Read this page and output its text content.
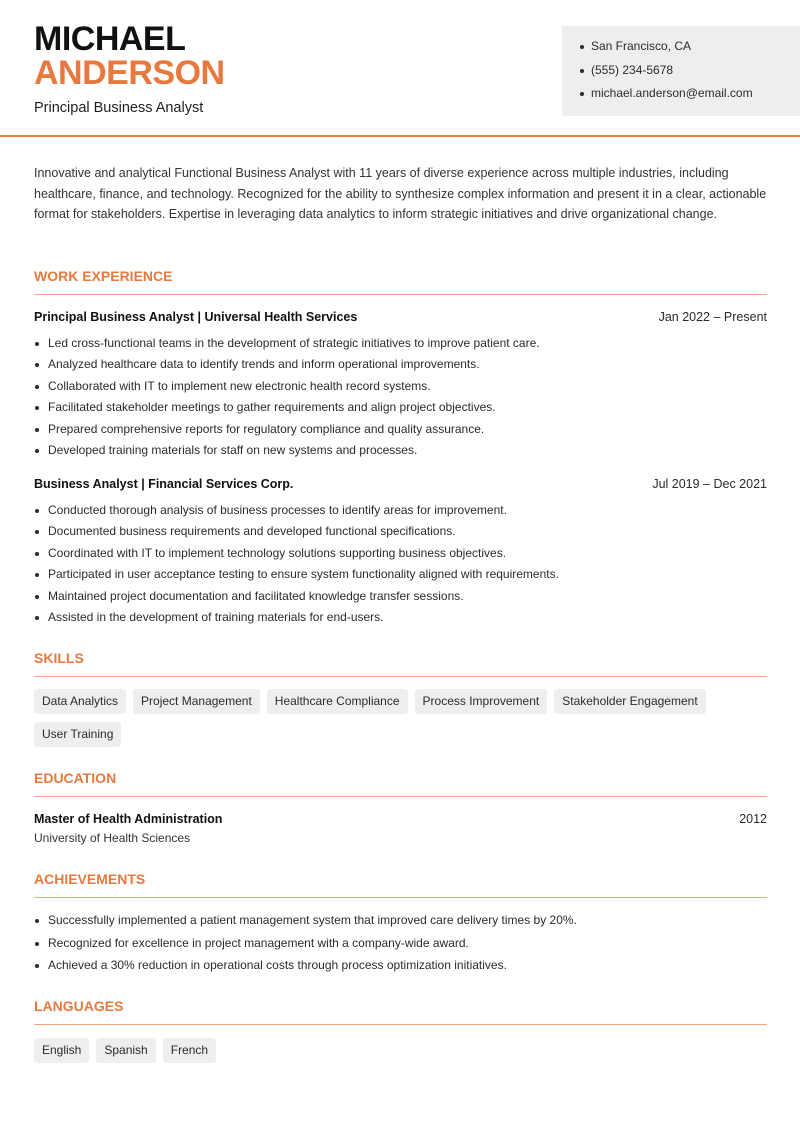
MICHAEL
ANDERSON
Principal Business Analyst
San Francisco, CA
(555) 234-5678
michael.anderson@email.com

Innovative and analytical Functional Business Analyst with 11 years of diverse experience across multiple industries, including healthcare, finance, and technology. Recognized for the ability to synthesize complex information and present it in a clear, actionable format for stakeholders. Expertise in leveraging data analytics to inform strategic initiatives and drive organizational change.

WORK EXPERIENCE
Principal Business Analyst | Universal Health Services	Jan 2022 – Present
Led cross-functional teams in the development of strategic initiatives to improve patient care.
Analyzed healthcare data to identify trends and inform operational improvements.
Collaborated with IT to implement new electronic health record systems.
Facilitated stakeholder meetings to gather requirements and align project objectives.
Prepared comprehensive reports for regulatory compliance and quality assurance.
Developed training materials for staff on new systems and processes.
Business Analyst | Financial Services Corp.	Jul 2019 – Dec 2021
Conducted thorough analysis of business processes to identify areas for improvement.
Documented business requirements and developed functional specifications.
Coordinated with IT to implement technology solutions supporting business objectives.
Participated in user acceptance testing to ensure system functionality aligned with requirements.
Maintained project documentation and facilitated knowledge transfer sessions.
Assisted in the development of training materials for end-users.
SKILLS
Data Analytics	Project Management	Healthcare Compliance	Process Improvement	Stakeholder Engagement
User Training
EDUCATION
Master of Health Administration	2012
University of Health Sciences
ACHIEVEMENTS
Successfully implemented a patient management system that improved care delivery times by 20%.
Recognized for excellence in project management with a company-wide award.
Achieved a 30% reduction in operational costs through process optimization initiatives.
LANGUAGES
English	Spanish	French
